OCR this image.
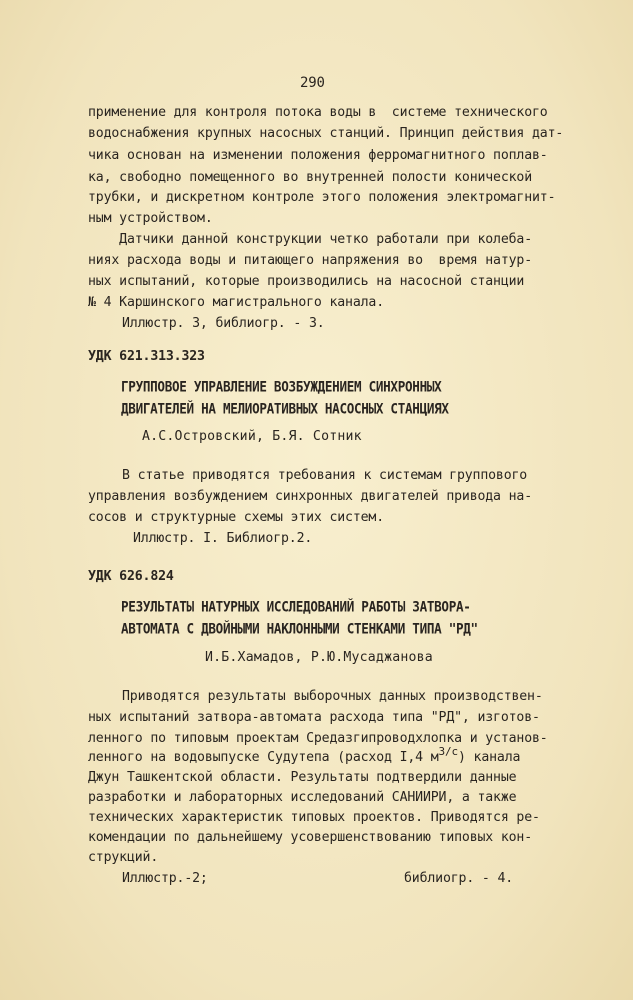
290
применение для контроля потока воды в  системе технического
водоснабжения крупных насосных станций. Принцип действия дат-
чика основан на изменении положения ферромагнитного поплав-
ка, свободно помещенного во внутренней полости конической
трубки, и дискретном контроле этого положения электромагнит-
ным устройством.
Датчики данной конструкции четко работали при колеба-
ниях расхода воды и питающего напряжения во  время натур-
ных испытаний, которые производились на насосной станции
№ 4 Каршинского магистрального канала.
Иллюстр. 3, библиогр. - 3.
УДК 621.313.323
ГРУППОВОЕ УПРАВЛЕНИЕ ВОЗБУЖДЕНИЕМ СИНХРОННЫХ
ДВИГАТЕЛЕЙ НА МЕЛИОРАТИВНЫХ НАСОСНЫХ СТАНЦИЯХ
А.С.Островский, Б.Я. Сотник
В статье приводятся требования к системам группового
управления возбуждением синхронных двигателей привода на-
сосов и структурные схемы этих систем.
Иллюстр. I. Библиогр.2.
УДК 626.824
РЕЗУЛЬТАТЫ НАТУРНЫХ ИССЛЕДОВАНИЙ РАБОТЫ ЗАТВОРА-
АВТОМАТА С ДВОЙНЫМИ НАКЛОННЫМИ СТЕНКАМИ ТИПА "РД"
И.Б.Хамадов, Р.Ю.Мусаджанова
Приводятся результаты выборочных данных производствен-
ных испытаний затвора-автомата расхода типа "РД", изготов-
ленного по типовым проектам Средазгипроводхлопка и установ-
ленного на водовыпуске Судутепа (расход I,4 $м^{3/с}$) канала
Джун Ташкентской области. Результаты подтвердили данные
разработки и лабораторных исследований САНИИРИ, а также
технических характеристик типовых проектов. Приводятся ре-
комендации по дальнейшему усовершенствованию типовых кон-
струкций.
Иллюстр.-2;	библиогр. - 4.
